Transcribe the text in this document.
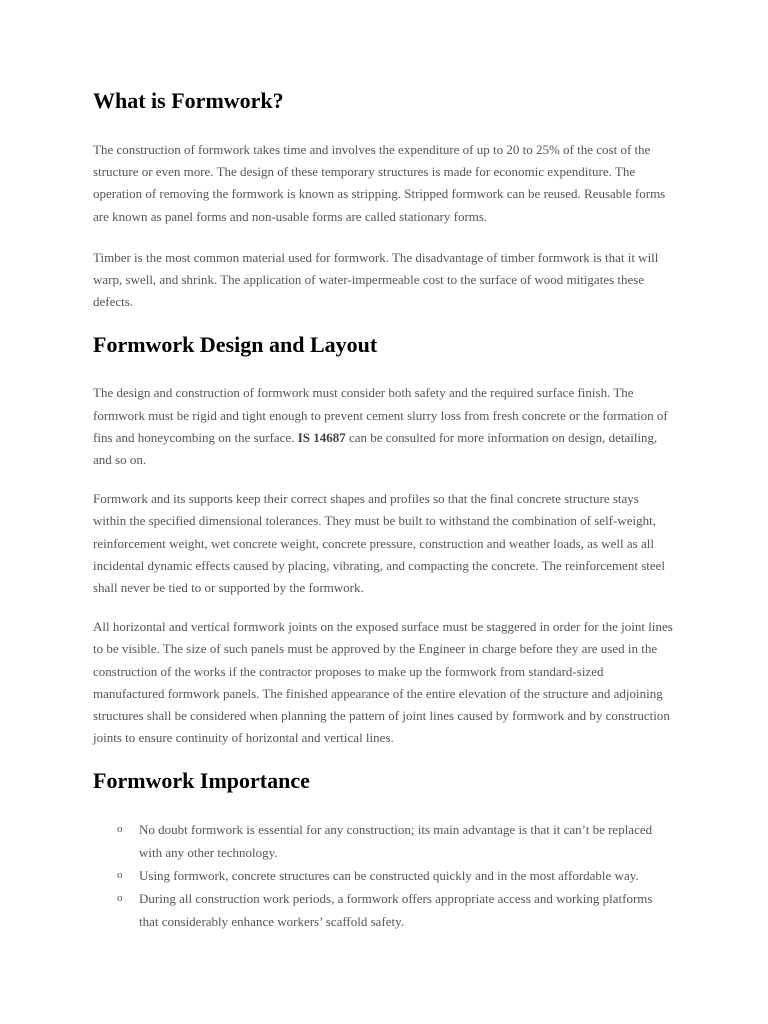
What is Formwork?

The construction of formwork takes time and involves the expenditure of up to 20 to 25% of the cost of the structure or even more. The design of these temporary structures is made for economic expenditure. The operation of removing the formwork is known as stripping. Stripped formwork can be reused. Reusable forms are known as panel forms and non-usable forms are called stationary forms.

Timber is the most common material used for formwork. The disadvantage of timber formwork is that it will warp, swell, and shrink. The application of water-impermeable cost to the surface of wood mitigates these defects.

Formwork Design and Layout

The design and construction of formwork must consider both safety and the required surface finish. The formwork must be rigid and tight enough to prevent cement slurry loss from fresh concrete or the formation of fins and honeycombing on the surface. IS 14687 can be consulted for more information on design, detailing, and so on.

Formwork and its supports keep their correct shapes and profiles so that the final concrete structure stays within the specified dimensional tolerances. They must be built to withstand the combination of self-weight, reinforcement weight, wet concrete weight, concrete pressure, construction and weather loads, as well as all incidental dynamic effects caused by placing, vibrating, and compacting the concrete. The reinforcement steel shall never be tied to or supported by the formwork.

All horizontal and vertical formwork joints on the exposed surface must be staggered in order for the joint lines to be visible. The size of such panels must be approved by the Engineer in charge before they are used in the construction of the works if the contractor proposes to make up the formwork from standard-sized manufactured formwork panels. The finished appearance of the entire elevation of the structure and adjoining structures shall be considered when planning the pattern of joint lines caused by formwork and by construction joints to ensure continuity of horizontal and vertical lines.

Formwork Importance
o No doubt formwork is essential for any construction; its main advantage is that it can’t be replaced with any other technology.
o Using formwork, concrete structures can be constructed quickly and in the most affordable way.
o During all construction work periods, a formwork offers appropriate access and working platforms that considerably enhance workers’ scaffold safety.
